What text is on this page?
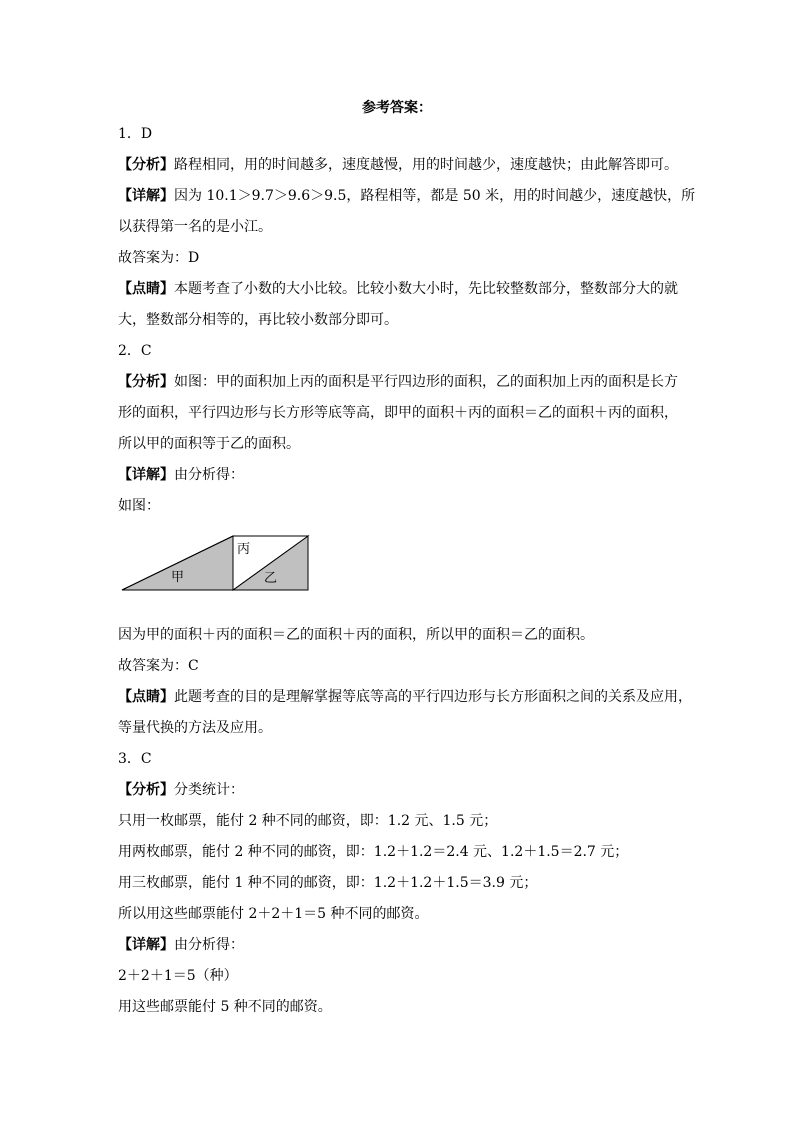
参考答案：
1．D
【分析】路程相同，用的时间越多，速度越慢，用的时间越少，速度越快；由此解答即可。
【详解】因为 10.1＞9.7＞9.6＞9.5，路程相等，都是 50 米，用的时间越少，速度越快，所
以获得第一名的是小江。
故答案为：D
【点睛】本题考查了小数的大小比较。比较小数大小时，先比较整数部分，整数部分大的就
大，整数部分相等的，再比较小数部分即可。
2．C
【分析】如图：甲的面积加上丙的面积是平行四边形的面积，乙的面积加上丙的面积是长方
形的面积，平行四边形与长方形等底等高，即甲的面积＋丙的面积＝乙的面积＋丙的面积，
所以甲的面积等于乙的面积。
【详解】由分析得：
如图：
甲
丙
乙
因为甲的面积＋丙的面积＝乙的面积＋丙的面积，所以甲的面积＝乙的面积。
故答案为：C
【点睛】此题考查的目的是理解掌握等底等高的平行四边形与长方形面积之间的关系及应用，
等量代换的方法及应用。
3．C
【分析】分类统计：
只用一枚邮票，能付 2 种不同的邮资，即：1.2 元、1.5 元；
用两枚邮票，能付 2 种不同的邮资，即：1.2＋1.2＝2.4 元、1.2＋1.5＝2.7 元；
用三枚邮票，能付 1 种不同的邮资，即：1.2＋1.2＋1.5＝3.9 元；
所以用这些邮票能付 2＋2＋1＝5 种不同的邮资。
【详解】由分析得：
2＋2＋1＝5（种）
用这些邮票能付 5 种不同的邮资。
